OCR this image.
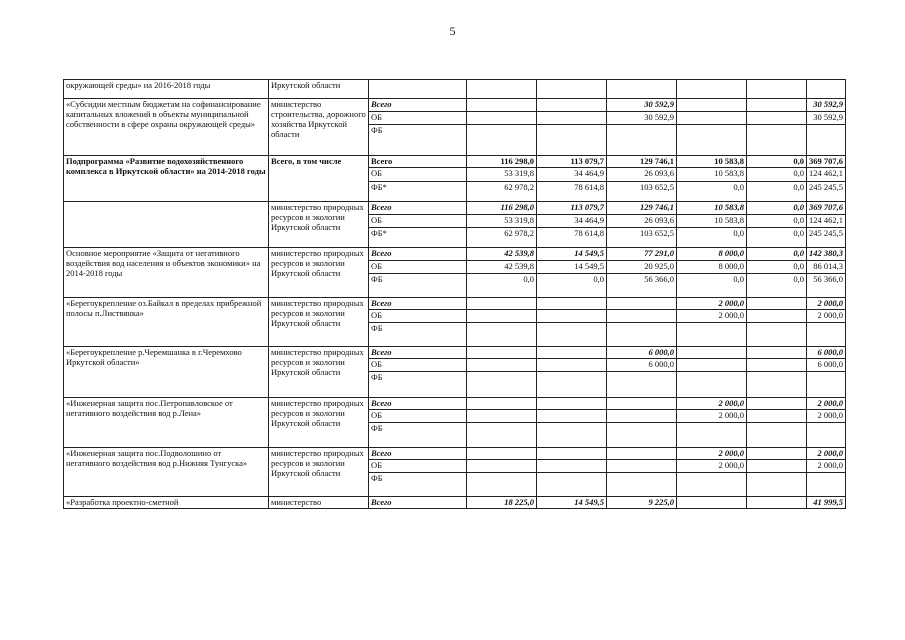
5
окружающей среды» на 2016-2018 годы	Иркутской области							
«Субсидии местным бюджетам на софинансирование капитальных вложений в объекты муниципальной собственности в сфере охраны окружающей среды»	министерство строительства, дорожного хозяйства Иркутской области	Всего			30 592,9			30 592,9
		ОБ			30 592,9			30 592,9
		ФБ						
Подпрограмма «Развитие водохозяйственного комплекса в Иркутской области» на 2014-2018 годы	Всего, в том числе	Всего	116 298,0	113 079,7	129 746,1	10 583,8	0,0	369 707,6
		ОБ	53 319,8	34 464,9	26 093,6	10 583,8	0,0	124 462,1
		ФБ*	62 978,2	78 614,8	103 652,5	0,0	0,0	245 245,5
	министерство природных ресурсов и экологии Иркутской области	Всего	116 298,0	113 079,7	129 746,1	10 583,8	0,0	369 707,6
		ОБ	53 319,8	34 464,9	26 093,6	10 583,8	0,0	124 462,1
		ФБ*	62 978,2	78 614,8	103 652,5	0,0	0,0	245 245,5
Основное мероприятие «Защита от негативного воздействия вод населения и объектов экономики» на 2014-2018 годы	министерство природных ресурсов и экологии Иркутской области	Всего	42 539,8	14 549,5	77 291,0	8 000,0	0,0	142 380,3
		ОБ	42 539,8	14 549,5	20 925,0	8 000,0	0,0	86 014,3
		ФБ	0,0	0,0	56 366,0	0,0	0,0	56 366,0
«Берегоукрепление оз.Байкал в пределах прибрежной полосы п.Листвянка»	министерство природных ресурсов и экологии Иркутской области	Всего				2 000,0		2 000,0
		ОБ				2 000,0		2 000,0
		ФБ						
«Берегоукрепление р.Черемшанка в г.Черемхово Иркутской области»	министерство природных ресурсов и экологии Иркутской области	Всего			6 000,0			6 000,0
		ОБ			6 000,0			6 000,0
		ФБ						
«Инженерная защита пос.Петропавловское от негативного воздействия вод р.Лена»	министерство природных ресурсов и экологии Иркутской области	Всего				2 000,0		2 000,0
		ОБ				2 000,0		2 000,0
		ФБ						
«Инженерная защита пос.Подволошино от негативного воздействия вод р.Нижняя Тунгуска»	министерство природных ресурсов и экологии Иркутской области	Всего				2 000,0		2 000,0
		ОБ				2 000,0		2 000,0
		ФБ						
«Разработка проектно-сметной	министерство	Всего	18 225,0	14 549,5	9 225,0			41 999,5
